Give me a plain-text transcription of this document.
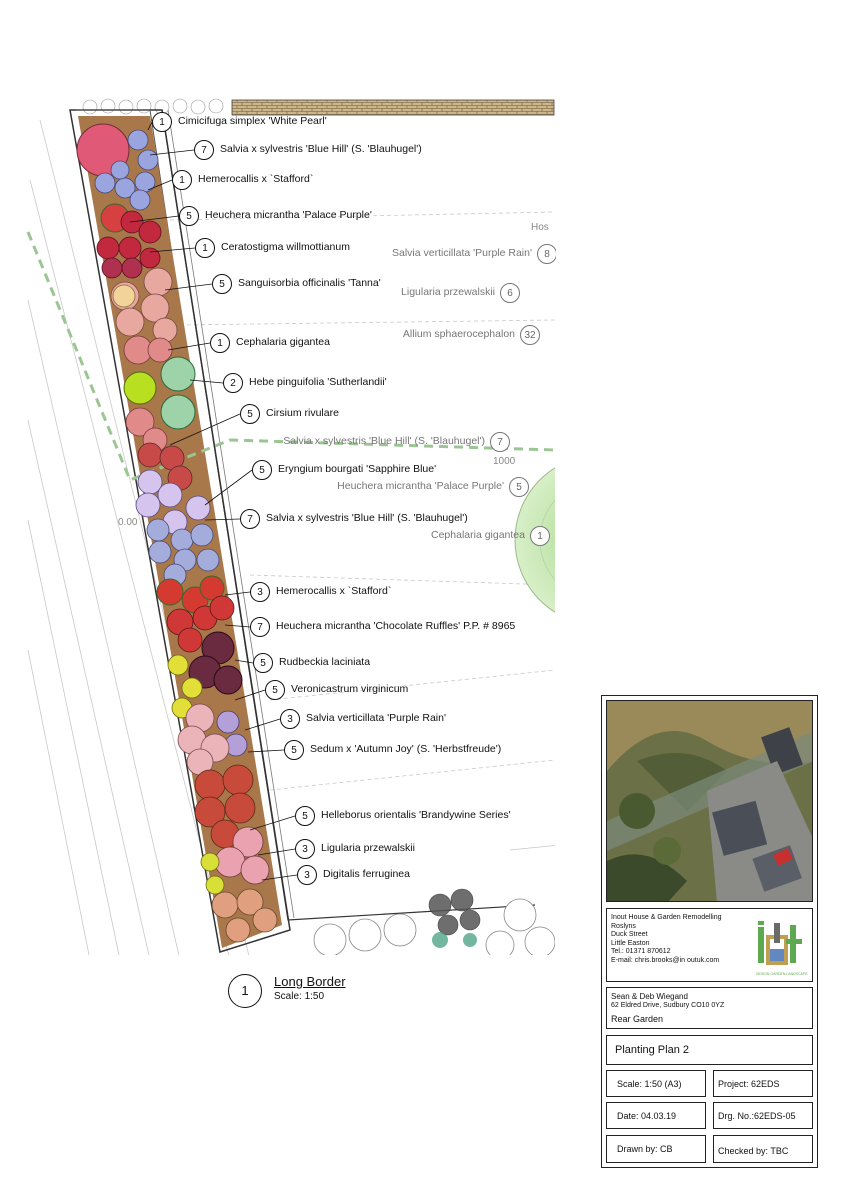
1	Cimicifuga simplex 'White Pearl'
7	Salvia x sylvestris 'Blue Hill' (S. 'Blauhugel')
1	Hemerocallis x `Stafford`
5	Heuchera micrantha 'Palace Purple'
1	Ceratostigma willmottianum
5	Sanguisorbia officinalis 'Tanna'
1	Cephalaria gigantea
2	Hebe pinguifolia 'Sutherlandii'
5	Cirsium rivulare
5	Eryngium bourgati 'Sapphire Blue'
7	Salvia x sylvestris 'Blue Hill' (S. 'Blauhugel')
3	Hemerocallis x `Stafford`
7	Heuchera micrantha 'Chocolate Ruffles' P.P. # 8965
5	Rudbeckia laciniata
5	Veronicastrum virginicum
3	Salvia verticillata 'Purple Rain'
5	Sedum x 'Autumn Joy' (S. 'Herbstfreude')
5	Helleborus orientalis 'Brandywine Series'
3	Ligularia przewalskii
3	Digitalis ferruginea
8
Salvia verticillata 'Purple Rain'
6
Ligularia przewalskii
32
Allium sphaerocephalon
7
Salvia x sylvestris 'Blue Hill' (S. 'Blauhugel')
5
Heuchera micrantha 'Palace Purple'
1
Cephalaria gigantea
Hos
1000
0.00
1
Long Border
Scale: 1:50
Inout House & Garden Remodelling
Roslyns
Duck Street
Little Easton
Tel.: 01371 870612
E-mail: chris.brooks@in outuk.com
DESIGN GARDEN LANDSCAPE
Sean & Deb Wiegand
62 Eldred Drive, Sudbury CO10 0YZ
Rear Garden
Planting Plan 2
Scale: 1:50 (A3)	Project: 62EDS
Date: 04.03.19	Drg. No.:62EDS-05
Drawn by: CB	Checked by: TBC
